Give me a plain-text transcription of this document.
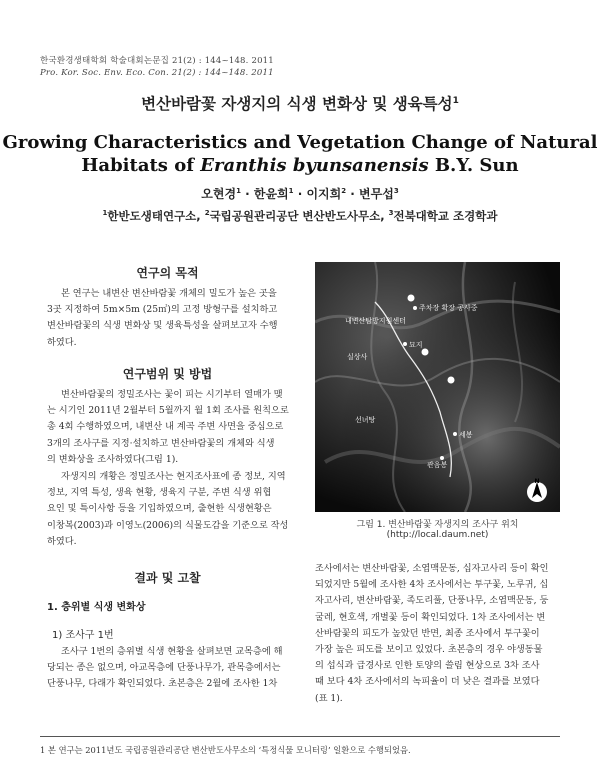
한국환경생태학회 학술대회논문집 21(2) : 144~148. 2011
Pro. Kor. Soc. Env. Eco. Con. 21(2) : 144~148. 2011
변산바람꽃 자생지의 식생 변화상 및 생육특성$^1$
Growing Characteristics and Vegetation Change of Natural
Habitats of Eranthis byunsanensis B.Y. Sun
오현경$^1$ · 한윤희$^1$ · 이지희$^2$ · 변무섭$^3$
$^1$한반도생태연구소, $^2$국립공원관리공단 변산반도사무소, $^3$전북대학교 조경학과
연구의 목적
본 연구는 내변산 변산바람꽃 개체의 밀도가 높은 곳을
3곳 지정하여 5m×5m (25㎡)의 고정 방형구를 설치하고
변산바람꽃의 식생 변화상 및 생육특성을 살펴보고자 수행
하였다.
연구범위 및 방법
변산바람꽃의 정밀조사는 꽃이 피는 시기부터 열매가 맺
는 시기인 2011년 2월부터 5월까지 월 1회 조사를 원칙으로
총 4회 수행하였으며, 내변산 내 계곡 주변 사면을 중심으로
3개의 조사구를 지정·설치하고 변산바람꽃의 개체와 식생
의 변화상을 조사하였다(그림 1).
자생지의 개황은 정밀조사는 현지조사표에 종 정보, 지역
정보, 지역 특성, 생육 현황, 생육지 구분, 주변 식생 위협
요인 및 특이사항 등을 기입하였으며, 출현한 식생현황은
이창복(2003)과 이영노(2006)의 식물도감을 기준으로 작성
하였다.
결과 및 고찰
1. 층위별 식생 변화상
1) 조사구 1번
조사구 1번의 층위별 식생 현황을 살펴보면 교목층에 해
당되는 종은 없으며, 아교목층에 단풍나무가, 관목층에서는
단풍나무, 다래가 확인되었다. 초본층은 2월에 조사한 1차
3
2
1
주차장 확장 공사중
내변산탐방지원센터
실상사
묘지
선녀탕
세봉
관음봉
N
그림 1. 변산바람꽃 자생지의 조사구 위치
(http://local.daum.net)
조사에서는 변산바람꽃, 소엽맥문동, 십자고사리 등이 확인
되었지만 5월에 조사한 4차 조사에서는 투구꽃, 노루귀, 십
자고사리, 변산바람꽃, 족도리풀, 단풍나무, 소엽맥문동, 둥
굴레, 현호색, 개별꽃 등이 확인되었다. 1차 조사에서는 변
산바람꽃의 피도가 높았던 반면, 최종 조사에서 투구꽃이
가장 높은 피도를 보이고 있었다. 초본층의 경우 야생동물
의 섭식과 급경사로 인한 토양의 쓸림 현상으로 3차 조사
때 보다 4차 조사에서의 녹피율이 더 낮은 결과를 보였다
(표 1).
1 본 연구는 2011년도 국립공원관리공단 변산반도사무소의 ‘특정식물 모니터링’ 일환으로 수행되었음.
